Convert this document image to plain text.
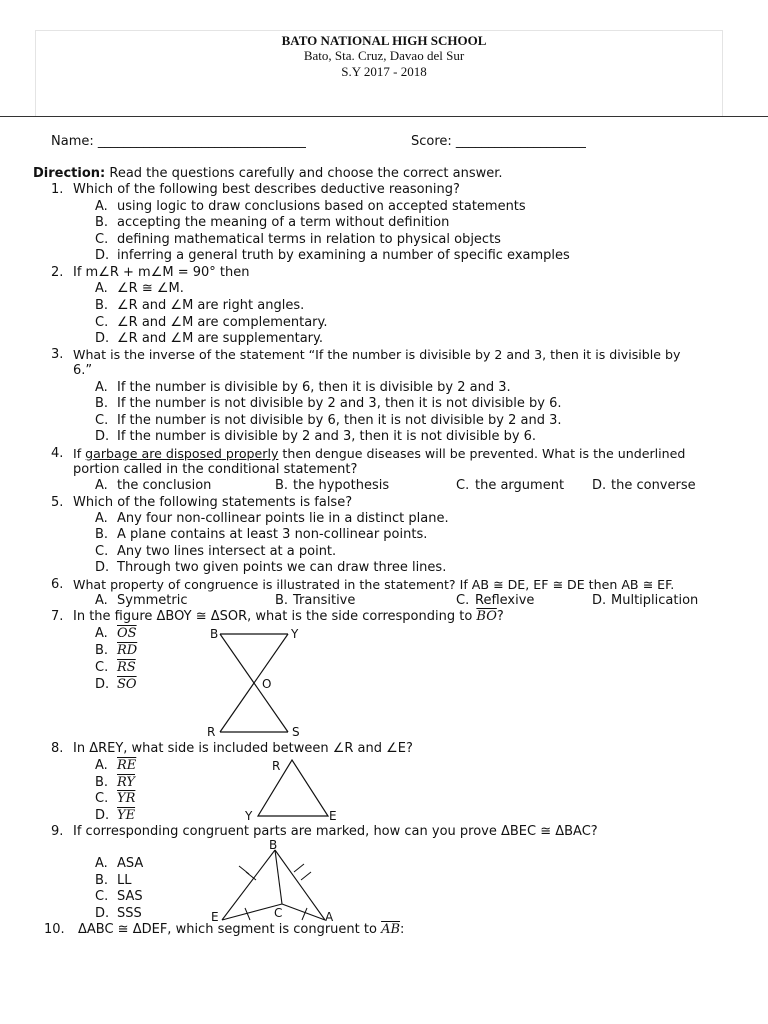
BATO NATIONAL HIGH SCHOOL
Bato, Sta. Cruz, Davao del Sur
S.Y 2017 - 2018
Name: ________________________________	Score: ____________________
Direction: Read the questions carefully and choose the correct answer.
1. Which of the following best describes deductive reasoning?
A. using logic to draw conclusions based on accepted statements
B. accepting the meaning of a term without definition
C. defining mathematical terms in relation to physical objects
D. inferring a general truth by examining a number of specific examples
2. If m∠R + m∠M = 90° then
A. ∠R ≅ ∠M.
B. ∠R and ∠M are right angles.
C. ∠R and ∠M are complementary.
D. ∠R and ∠M are supplementary.
3. What is the inverse of the statement “If the number is divisible by 2 and 3, then it is divisible by
6.”
A. If the number is divisible by 6, then it is divisible by 2 and 3.
B. If the number is not divisible by 2 and 3, then it is not divisible by 6.
C. If the number is not divisible by 6, then it is not divisible by 2 and 3.
D. If the number is divisible by 2 and 3, then it is not divisible by 6.
4. If garbage are disposed properly then dengue diseases will be prevented. What is the underlined
portion called in the conditional statement?
A. the conclusion	B. the hypothesis	C. the argument D. the converse
5. Which of the following statements is false?
A. Any four non-collinear points lie in a distinct plane.
B. A plane contains at least 3 non-collinear points.
C. Any two lines intersect at a point.
D. Through two given points we can draw three lines.
6. What property of congruence is illustrated in the statement? If AB ≅ DE, EF ≅ DE then AB ≅ EF.
A. Symmetric	B. Transitive	C. Reflexive	D. Multiplication
7. In the figure ΔBOY ≅ ΔSOR, what is the side corresponding to $\overline{BO}$?
A. $\overline{OS}$
B. $\overline{RD}$
C. $\overline{RS}$
D. $\overline{SO}$
B	Y
O
R	S
8. In ΔREY, what side is included between ∠R and ∠E?
A. $\overline{RE}$
B. $\overline{RY}$
C. $\overline{YR}$
D. $\overline{YE}$
R
Y	E
9. If corresponding congruent parts are marked, how can you prove ΔBEC ≅ ΔBAC?
A. ASA
B. LL
C. SAS
D. SSS
B
E	C	A
10. ΔABC ≅ ΔDEF, which segment is congruent to $\overline{AB}$:
